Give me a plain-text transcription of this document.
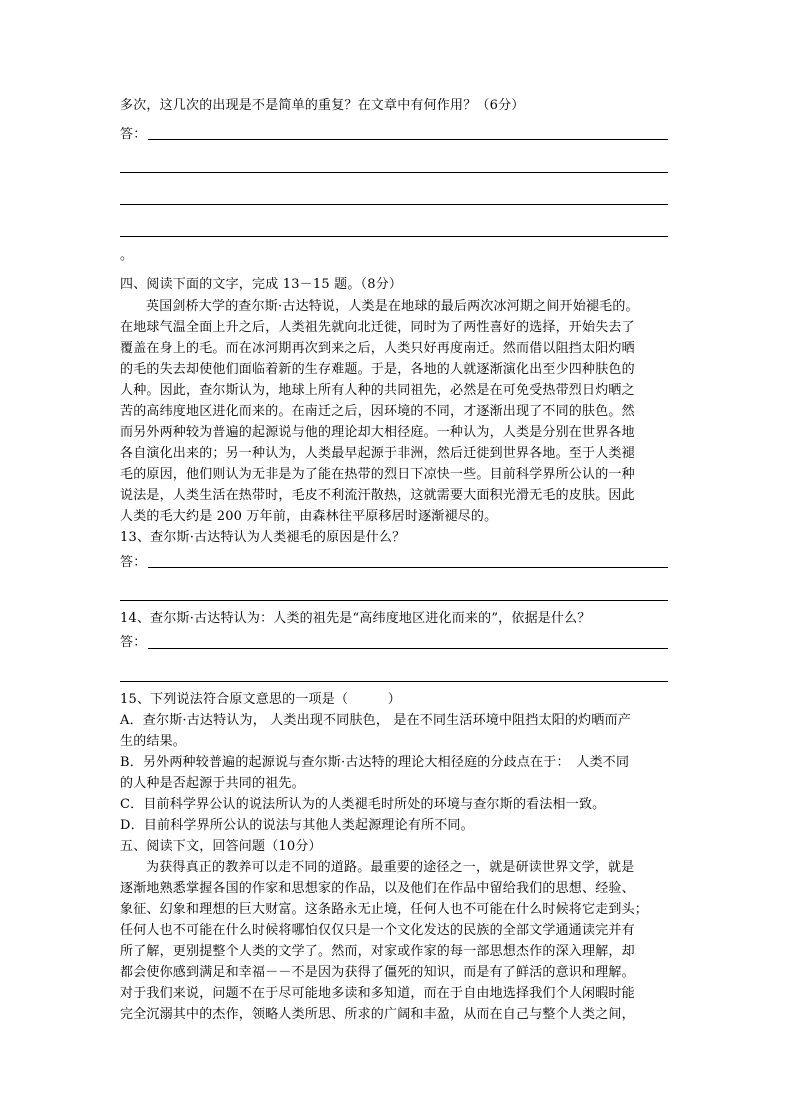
多次，这几次的出现是不是简单的重复？在文章中有何作用？（6分）
答：
。
四、阅读下面的文字，完成 13－15 题。（8分）
英国剑桥大学的查尔斯·古达特说，人类是在地球的最后两次冰河期之间开始褪毛的。
在地球气温全面上升之后，人类祖先就向北迁徙，同时为了两性喜好的选择，开始失去了
覆盖在身上的毛。而在冰河期再次到来之后，人类只好再度南迁。然而借以阻挡太阳灼晒
的毛的失去却使他们面临着新的生存难题。于是，各地的人就逐渐演化出至少四种肤色的
人种。因此，查尔斯认为，地球上所有人种的共同祖先，必然是在可免受热带烈日灼晒之
苦的高纬度地区进化而来的。在南迁之后，因环境的不同，才逐渐出现了不同的肤色。然
而另外两种较为普遍的起源说与他的理论却大相径庭。一种认为，人类是分别在世界各地
各自演化出来的；另一种认为，人类最早起源于非洲，然后迁徙到世界各地。至于人类褪
毛的原因，他们则认为无非是为了能在热带的烈日下凉快一些。目前科学界所公认的一种
说法是，人类生活在热带时，毛皮不利流汗散热，这就需要大面积光滑无毛的皮肤。因此
人类的毛大约是 200 万年前，由森林往平原移居时逐渐褪尽的。
13、查尔斯·古达特认为人类褪毛的原因是什么？
答：
14、查尔斯·古达特认为：人类的祖先是“高纬度地区进化而来的”，依据是什么？
答：
15、下列说法符合原文意思的一项是（　　　）
A．查尔斯·古达特认为， 人类出现不同肤色， 是在不同生活环境中阻挡太阳的灼晒而产
生的结果。
B．另外两种较普遍的起源说与查尔斯·古达特的理论大相径庭的分歧点在于：　人类不同
的人种是否起源于共同的祖先。
C．目前科学界公认的说法所认为的人类褪毛时所处的环境与查尔斯的看法相一致。
D．目前科学界所公认的说法与其他人类起源理论有所不同。
五、阅读下文，回答问题（10分）
为获得真正的教养可以走不同的道路。最重要的途径之一，就是研读世界文学，就是
逐渐地熟悉掌握各国的作家和思想家的作品，以及他们在作品中留给我们的思想、经验、
象征、幻象和理想的巨大财富。这条路永无止境，任何人也不可能在什么时候将它走到头；
任何人也不可能在什么时候将哪怕仅仅只是一个文化发达的民族的全部文学通通读完并有
所了解，更别提整个人类的文学了。然而，对家或作家的每一部思想杰作的深入理解，却
都会使你感到满足和幸福－－不是因为获得了僵死的知识，而是有了鲜活的意识和理解。
对于我们来说，问题不在于尽可能地多读和多知道，而在于自由地选择我们个人闲暇时能
完全沉溺其中的杰作，领略人类所思、所求的广阔和丰盈，从而在自己与整个人类之间，
